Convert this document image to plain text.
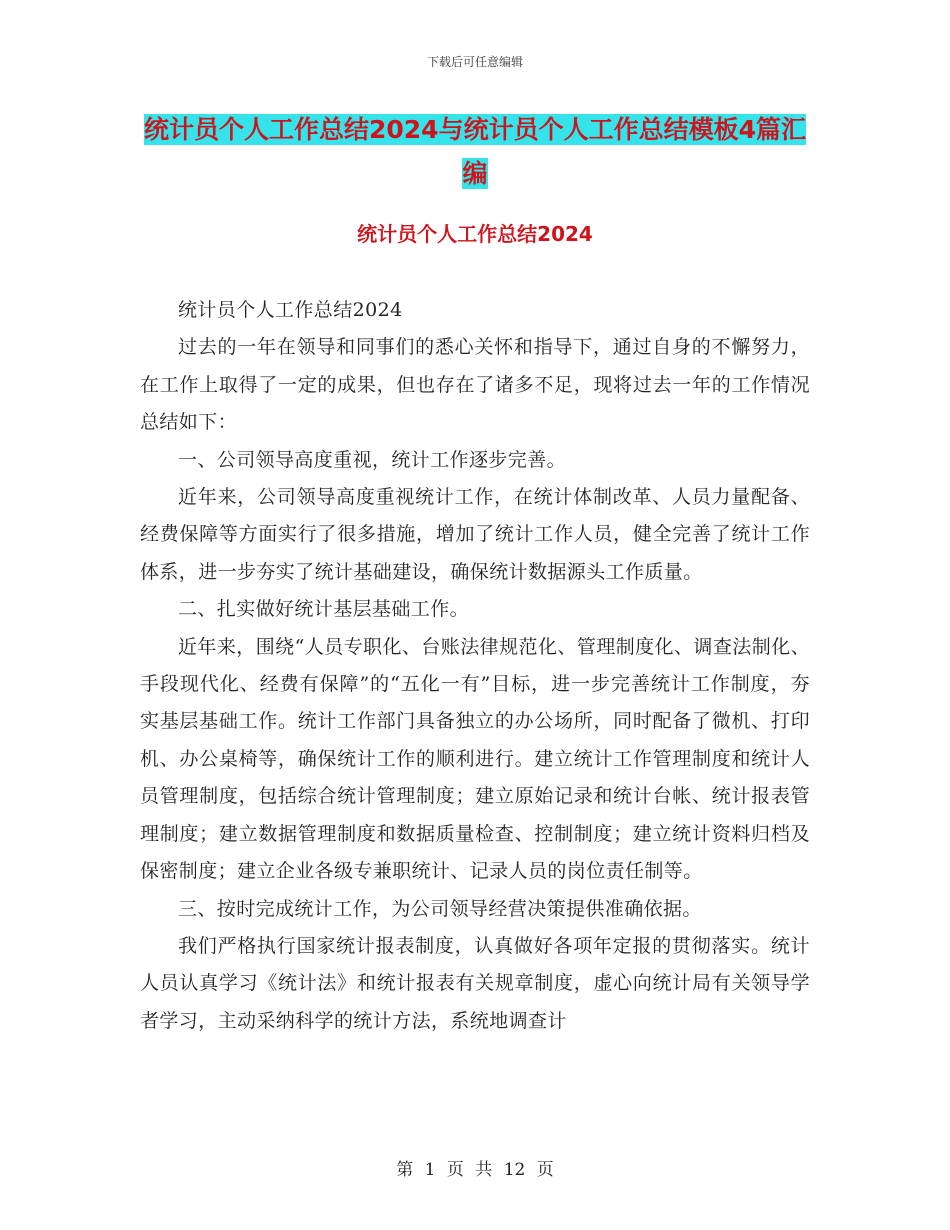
下载后可任意编辑
统计员个人工作总结2024与统计员个人工作总结模板4篇汇编
统计员个人工作总结2024

统计员个人工作总结2024

过去的一年在领导和同事们的悉心关怀和指导下，通过自身的不懈努力，在工作上取得了一定的成果，但也存在了诸多不足，现将过去一年的工作情况总结如下：

一、公司领导高度重视，统计工作逐步完善。

近年来，公司领导高度重视统计工作，在统计体制改革、人员力量配备、经费保障等方面实行了很多措施，增加了统计工作人员，健全完善了统计工作体系，进一步夯实了统计基础建设，确保统计数据源头工作质量。

二、扎实做好统计基层基础工作。

近年来，围绕“人员专职化、台账法律规范化、管理制度化、调查法制化、手段现代化、经费有保障”的“五化一有”目标，进一步完善统计工作制度，夯实基层基础工作。统计工作部门具备独立的办公场所，同时配备了微机、打印机、办公桌椅等，确保统计工作的顺利进行。建立统计工作管理制度和统计人员管理制度，包括综合统计管理制度；建立原始记录和统计台帐、统计报表管理制度；建立数据管理制度和数据质量检查、控制制度；建立统计资料归档及保密制度；建立企业各级专兼职统计、记录人员的岗位责任制等。

三、按时完成统计工作，为公司领导经营决策提供准确依据。

我们严格执行国家统计报表制度，认真做好各项年定报的贯彻落实。统计人员认真学习《统计法》和统计报表有关规章制度，虚心向统计局有关领导学者学习，主动采纳科学的统计方法，系统地调查计

第 1 页 共 12 页
